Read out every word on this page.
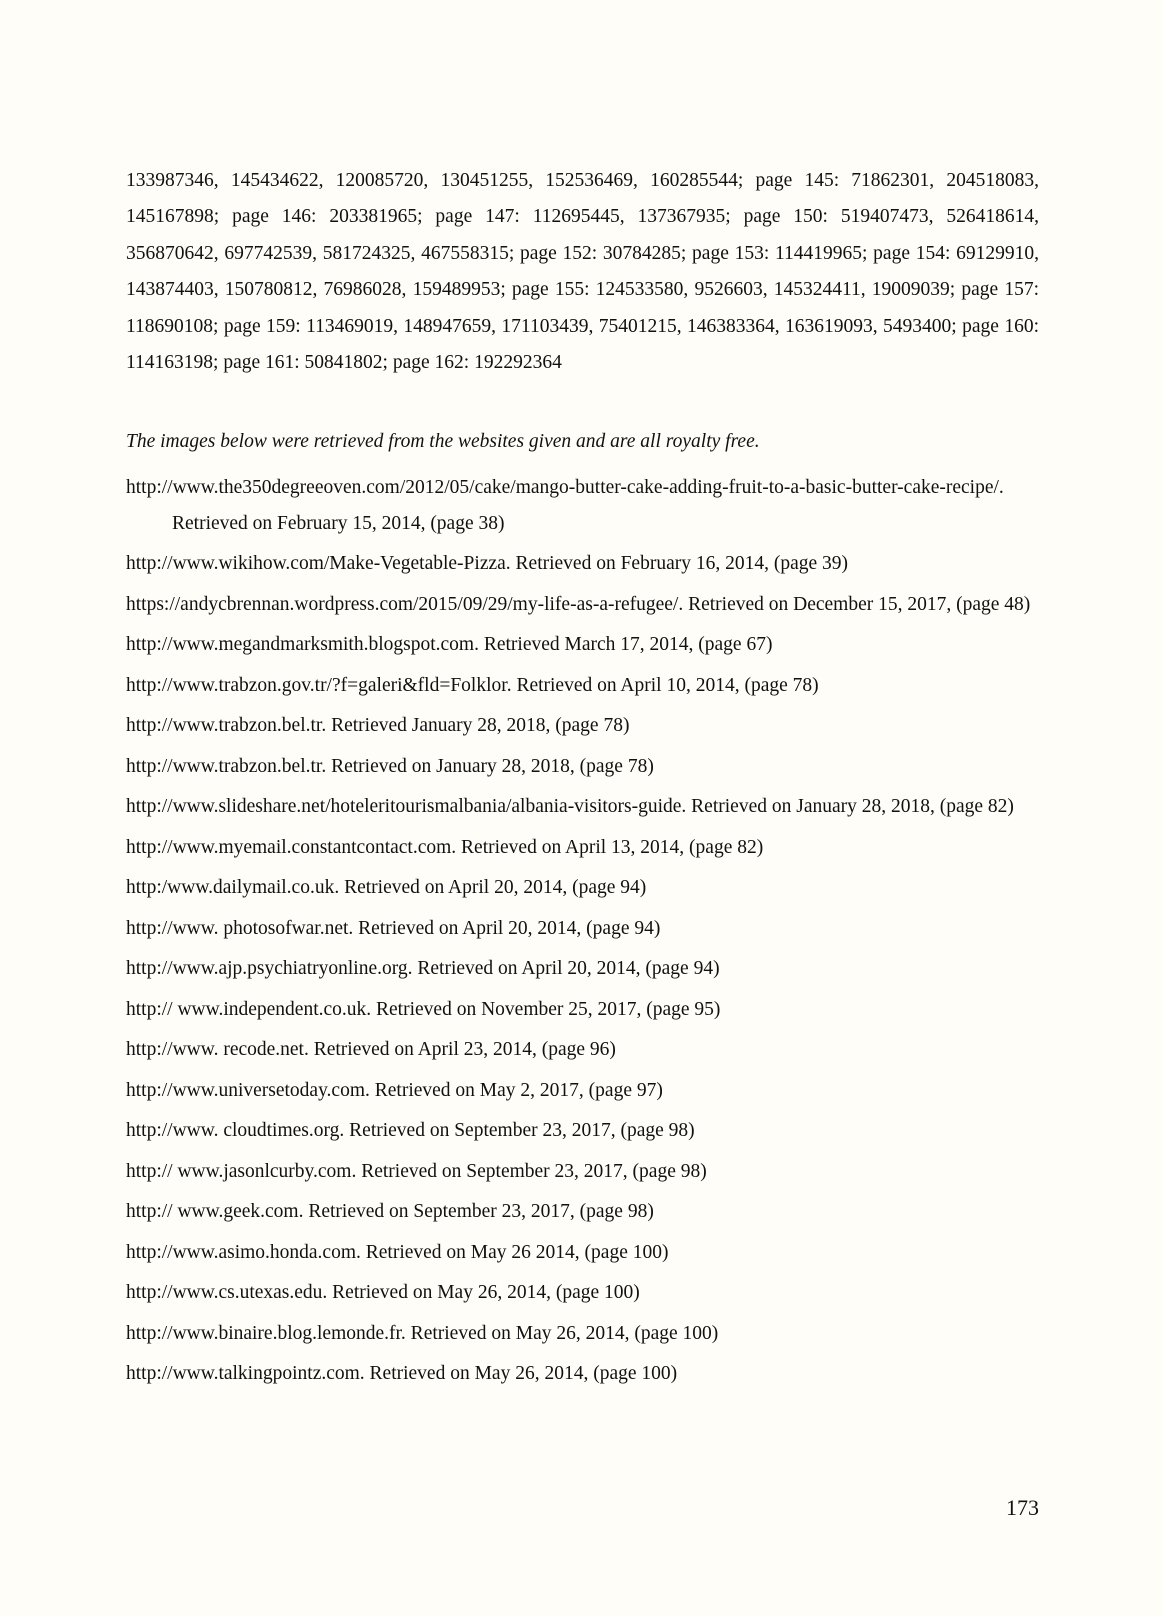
133987346, 145434622, 120085720, 130451255, 152536469, 160285544; page 145: 71862301, 204518083, 145167898; page 146: 203381965; page 147: 112695445, 137367935; page 150: 519407473, 526418614, 356870642, 697742539, 581724325, 467558315; page 152: 30784285; page 153: 114419965; page 154: 69129910, 143874403, 150780812, 76986028, 159489953; page 155: 124533580, 9526603, 145324411, 19009039; page 157: 118690108; page 159: 113469019, 148947659, 171103439, 75401215, 146383364, 163619093, 5493400; page 160: 114163198; page 161: 50841802; page 162: 192292364

The images below were retrieved from the websites given and are all royalty free.

http://www.the350degreeoven.com/2012/05/cake/mango-butter-cake-adding-fruit-to-a-basic-butter-cake-recipe/. Retrieved on February 15, 2014, (page 38)
http://www.wikihow.com/Make-Vegetable-Pizza. Retrieved on February 16, 2014, (page 39)
https://andycbrennan.wordpress.com/2015/09/29/my-life-as-a-refugee/. Retrieved on December 15, 2017, (page 48)
http://www.megandmarksmith.blogspot.com. Retrieved March 17, 2014, (page 67)
http://www.trabzon.gov.tr/?f=galeri&fld=Folklor. Retrieved on April 10, 2014, (page 78)
http://www.trabzon.bel.tr. Retrieved January 28, 2018, (page 78)
http://www.trabzon.bel.tr. Retrieved on January 28, 2018, (page 78)
http://www.slideshare.net/hoteleritourismalbania/albania-visitors-guide. Retrieved on January 28, 2018, (page 82)
http://www.myemail.constantcontact.com. Retrieved on April 13, 2014, (page 82)
http:/www.dailymail.co.uk. Retrieved on April 20, 2014, (page 94)
http://www. photosofwar.net. Retrieved on April 20, 2014, (page 94)
http://www.ajp.psychiatryonline.org. Retrieved on April 20, 2014, (page 94)
http:// www.independent.co.uk. Retrieved on November 25, 2017, (page 95)
http://www. recode.net. Retrieved on April 23, 2014, (page 96)
http://www.universetoday.com. Retrieved on May 2, 2017, (page 97)
http://www. cloudtimes.org. Retrieved on September 23, 2017, (page 98)
http:// www.jasonlcurby.com. Retrieved on September 23, 2017, (page 98)
http:// www.geek.com. Retrieved on September 23, 2017, (page 98)
http://www.asimo.honda.com. Retrieved on May 26 2014, (page 100)
http://www.cs.utexas.edu. Retrieved on May 26, 2014, (page 100)
http://www.binaire.blog.lemonde.fr. Retrieved on May 26, 2014, (page 100)
http://www.talkingpointz.com. Retrieved on May 26, 2014, (page 100)

173
